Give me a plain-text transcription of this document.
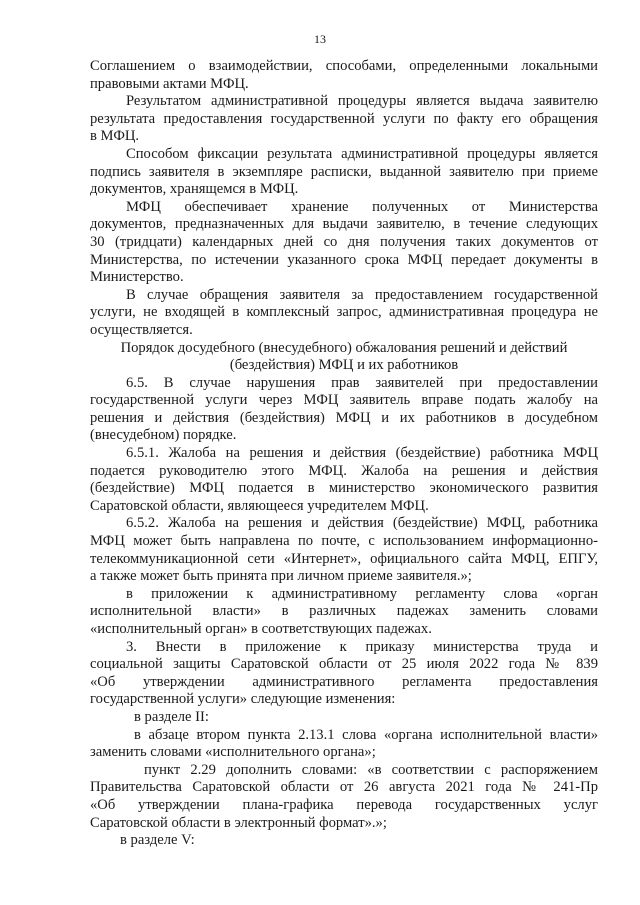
13
Соглашением о взаимодействии, способами, определенными локальными
правовыми актами МФЦ.
Результатом административной процедуры является выдача заявителю
результата предоставления государственной услуги по факту его обращения
в МФЦ.
Способом фиксации результата административной процедуры является
подпись заявителя в экземпляре расписки, выданной заявителю при приеме
документов, хранящемся в МФЦ.
МФЦ обеспечивает хранение полученных от Министерства
документов, предназначенных для выдачи заявителю, в течение следующих
30 (тридцати) календарных дней со дня получения таких документов от
Министерства, по истечении указанного срока МФЦ передает документы в
Министерство.
В случае обращения заявителя за предоставлением государственной
услуги, не входящей в комплексный запрос, административная процедура не
осуществляется.
Порядок досудебного (внесудебного) обжалования решений и действий
(бездействия) МФЦ и их работников
6.5. В случае нарушения прав заявителей при предоставлении
государственной услуги через МФЦ заявитель вправе подать жалобу на
решения и действия (бездействия) МФЦ и их работников в досудебном
(внесудебном) порядке.
6.5.1. Жалоба на решения и действия (бездействие) работника МФЦ
подается руководителю этого МФЦ. Жалоба на решения и действия
(бездействие) МФЦ подается в министерство экономического развития
Саратовской области, являющееся учредителем МФЦ.
6.5.2. Жалоба на решения и действия (бездействие) МФЦ, работника
МФЦ может быть направлена по почте, с использованием информационно-
телекоммуникационной сети «Интернет», официального сайта МФЦ, ЕПГУ,
а также может быть принята при личном приеме заявителя.»;
в приложении к административному регламенту слова «орган
исполнительной власти» в различных падежах заменить словами
«исполнительный орган» в соответствующих падежах.
3. Внести в приложение к приказу министерства труда и
социальной защиты Саратовской области от 25 июля 2022 года № 839
«Об утверждении административного регламента предоставления
государственной услуги» следующие изменения:
в разделе II:
в абзаце втором пункта 2.13.1 слова «органа исполнительной власти»
заменить словами «исполнительного органа»;
пункт 2.29 дополнить словами: «в соответствии с распоряжением
Правительства Саратовской области от 26 августа 2021 года № 241-Пр
«Об утверждении плана-графика перевода государственных услуг
Саратовской области в электронный формат».»;
в разделе V:
